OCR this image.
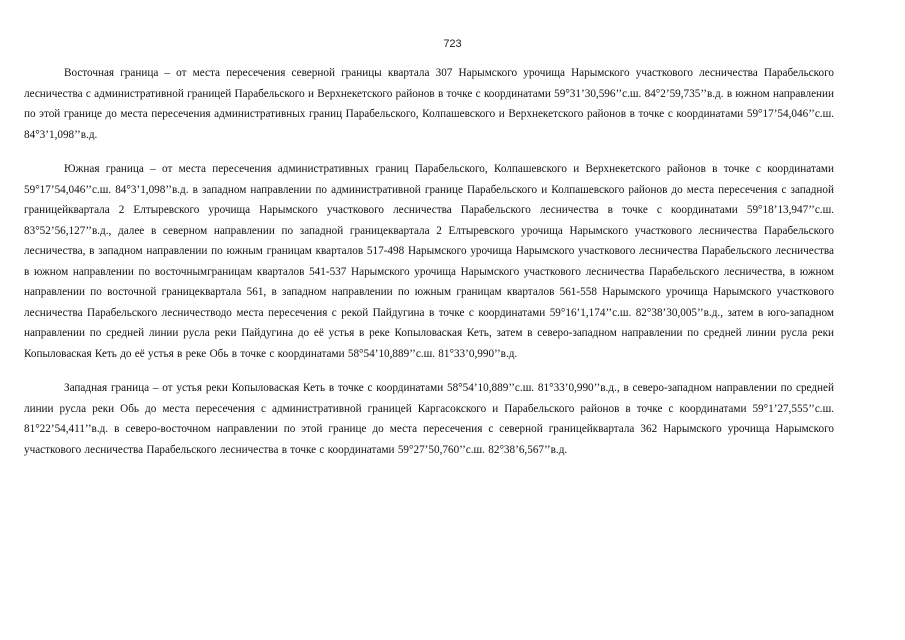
723

Восточная граница – от места пересечения северной границы квартала 307 Нарымского урочища Нарымского участкового лесничества Парабельского лесничества с административной границей Парабельского и Верхнекетского районов в точке с координатами 59°31’30,596’’с.ш. 84°2’59,735’’в.д. в южном направлении по этой границе до места пересечения административных границ Парабельского, Колпашевского и Верхнекетского районов в точке с координатами 59°17’54,046’’с.ш. 84°3’1,098’’в.д.

Южная граница – от места пересечения административных границ Парабельского, Колпашевского и Верхнекетского районов в точке с координатами 59°17’54,046’’с.ш. 84°3’1,098’’в.д. в западном направлении по административной границе Парабельского и Колпашевского районов до места пересечения с западной границейквартала 2 Елтыревского урочища Нарымского участкового лесничества Парабельского лесничества в точке с координатами 59°18’13,947’’с.ш. 83°52’56,127’’в.д., далее в северном направлении по западной границеквартала 2 Елтыревского урочища Нарымского участкового лесничества Парабельского лесничества, в западном направлении по южным границам кварталов 517-498 Нарымского урочища Нарымского участкового лесничества Парабельского лесничества в южном направлении по восточнымграницам кварталов 541-537 Нарымского урочища Нарымского участкового лесничества Парабельского лесничества, в южном направлении по восточной границеквартала 561, в западном направлении по южным границам кварталов 561-558 Нарымского урочища Нарымского участкового лесничества Парабельского лесничестводо места пересечения с рекой Пайдугина в точке с координатами 59°16’1,174’’с.ш. 82°38’30,005’’в.д., затем в юго-западном направлении по средней линии русла реки Пайдугина до её устья в реке Копыловаская Кеть, затем в северо-западном направлении по средней линии русла реки Копыловаская Кеть до её устья в реке Обь в точке с координатами 58°54’10,889’’с.ш. 81°33’0,990’’в.д.

Западная граница – от устья реки Копыловаская Кеть в точке с координатами 58°54’10,889’’с.ш. 81°33’0,990’’в.д., в северо-западном направлении по средней линии русла реки Обь до места пересечения с административной границей Каргасокского и Парабельского районов в точке с координатами 59°1’27,555’’с.ш. 81°22’54,411’’в.д. в северо-восточном направлении по этой границе до места пересечения с северной границейквартала 362 Нарымского урочища Нарымского участкового лесничества Парабельского лесничества в точке с координатами 59°27’50,760’’с.ш. 82°38’6,567’’в.д.
